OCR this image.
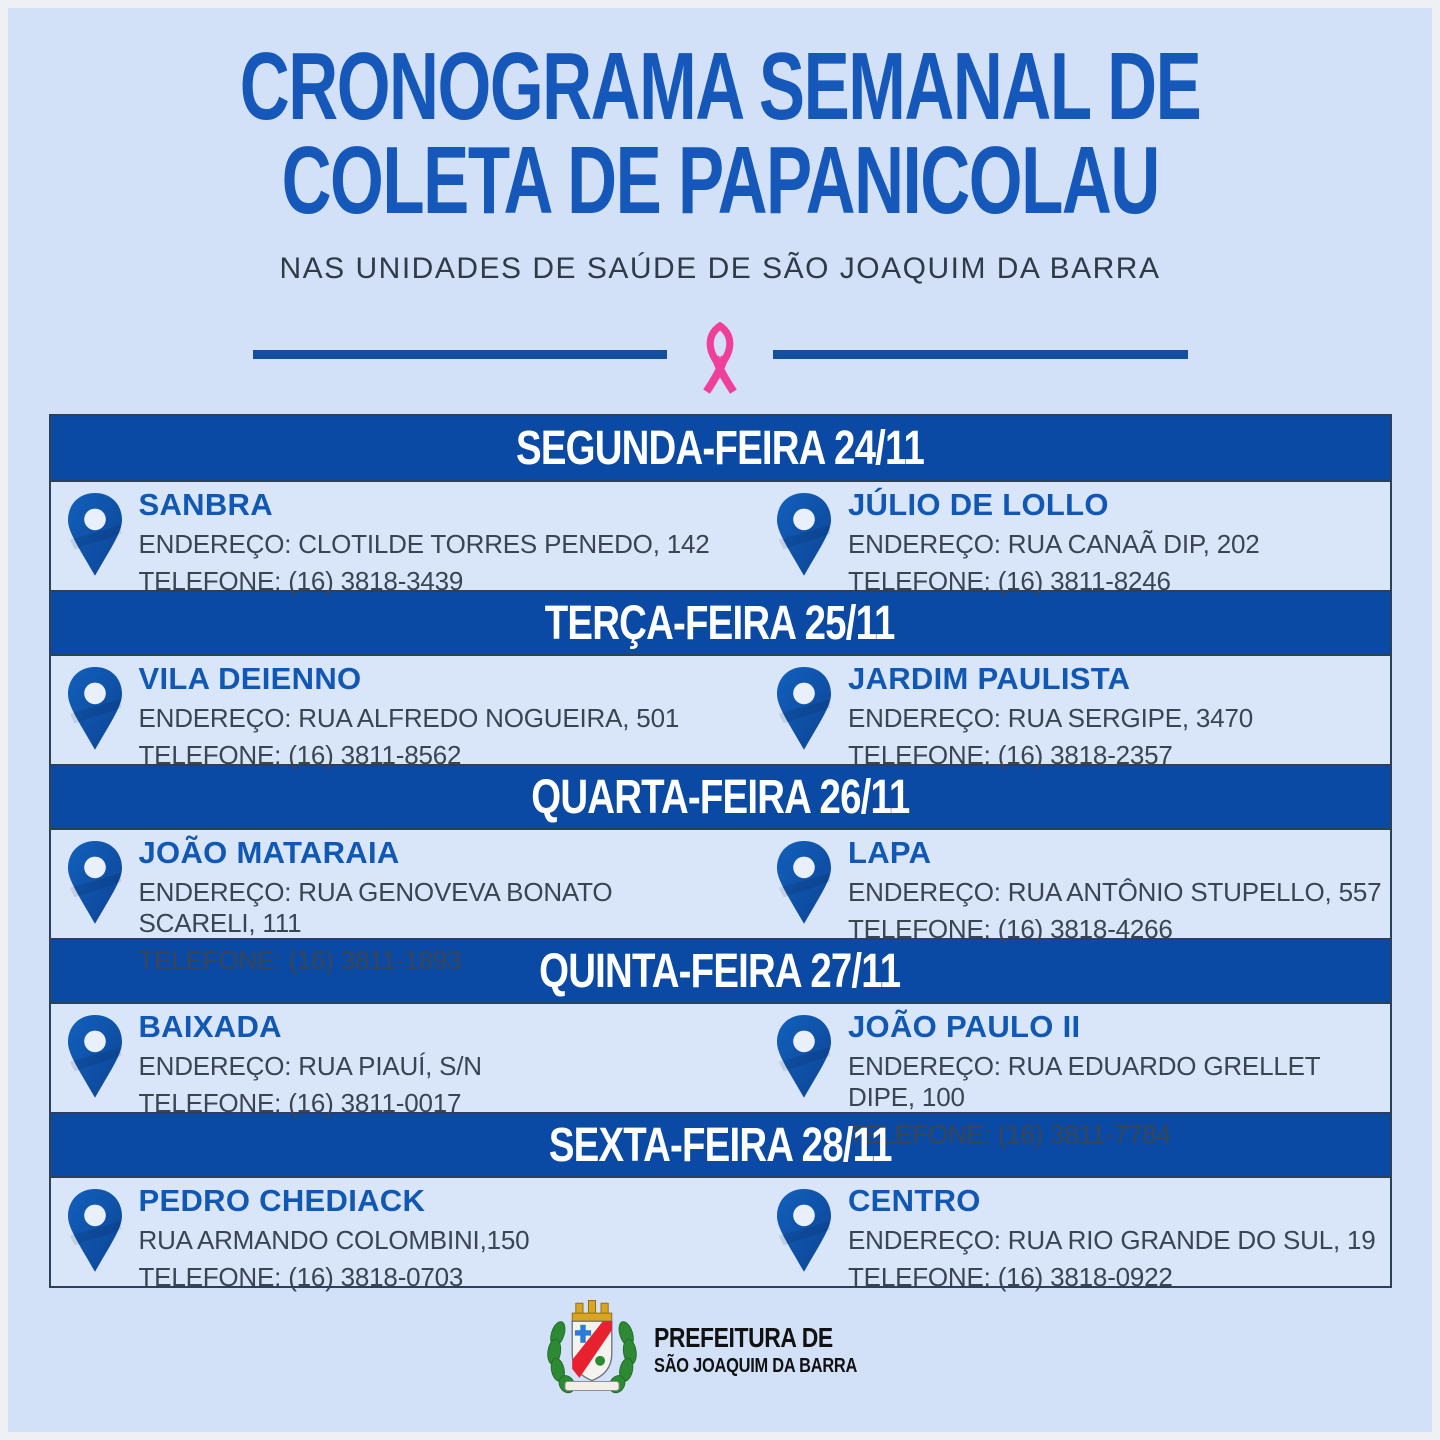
CRONOGRAMA SEMANAL DE
COLETA DE PAPANICOLAU
NAS UNIDADES DE SAÚDE DE SÃO JOAQUIM DA BARRA
SEGUNDA-FEIRA 24/11
SANBRA
ENDEREÇO: CLOTILDE TORRES PENEDO, 142
TELEFONE: (16) 3818-3439
JÚLIO DE LOLLO
ENDEREÇO: RUA CANAÃ DIP, 202
TELEFONE: (16) 3811-8246
TERÇA-FEIRA 25/11
VILA DEIENNO
ENDEREÇO: RUA ALFREDO NOGUEIRA, 501
TELEFONE: (16) 3811-8562
JARDIM PAULISTA
ENDEREÇO: RUA SERGIPE, 3470
TELEFONE: (16) 3818-2357
QUARTA-FEIRA 26/11
JOÃO MATARAIA
ENDEREÇO: RUA GENOVEVA BONATO SCARELI, 111
TELEFONE: (16) 3811-1893
LAPA
ENDEREÇO: RUA ANTÔNIO STUPELLO, 557
TELEFONE: (16) 3818-4266
QUINTA-FEIRA 27/11
BAIXADA
ENDEREÇO: RUA PIAUÍ, S/N
TELEFONE: (16) 3811-0017
JOÃO PAULO II
ENDEREÇO: RUA EDUARDO GRELLET DIPE, 100
TELEFONE: (16) 3811-7784
SEXTA-FEIRA 28/11
PEDRO CHEDIACK
RUA ARMANDO COLOMBINI,150
TELEFONE: (16) 3818-0703
CENTRO
ENDEREÇO: RUA RIO GRANDE DO SUL, 19
TELEFONE: (16) 3818-0922
PREFEITURA DE
SÃO JOAQUIM DA BARRA
